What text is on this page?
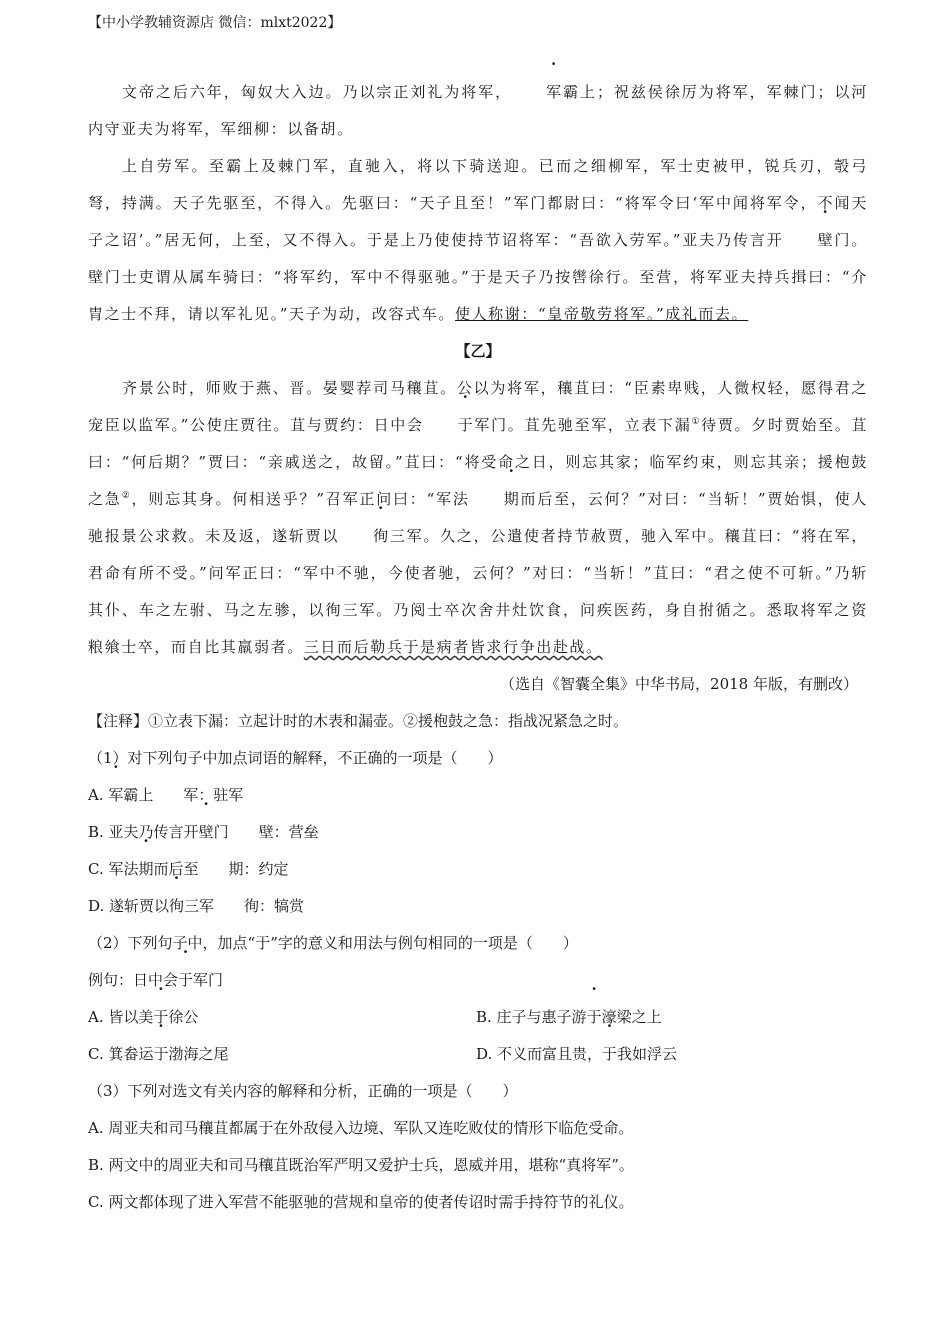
【中小学教辅资源店 微信：mlxt2022】

文帝之后六年，匈奴大入边。乃以宗正刘礼为将军， 军霸上；祝兹侯徐厉为将军，军棘门；以河内守亚夫为将军，军细柳：以备胡。

上自劳军。至霸上及棘门军，直驰入，将以下骑送迎。已而之细柳军，军士吏被甲，锐兵刃，彀弓弩，持满。天子先驱至，不得入。先驱曰：“天子且至！”军门都尉曰：“将军令曰‘军中闻将军令，不闻天子之诏’。”居无何，上至，又不得入。于是上乃使使持节诏将军：“吾欲入劳军。”亚夫乃传言开 壁门。壁门士吏谓从属车骑曰：“将军约，军中不得驱驰。”于是天子乃按辔徐行。至营，将军亚夫持兵揖曰：“介胄之士不拜，请以军礼见。”天子为动，改容式车。使人称谢：“皇帝敬劳将军。”成礼而去。

【乙】

齐景公时，师败于燕、晋。晏婴荐司马穰苴。公以为将军，穰苴曰：“臣素卑贱，人微权轻，愿得君之宠臣以监军。”公使庄贾往。苴与贾约：日中会 于军门。苴先驰至军，立表下漏①待贾。夕时贾始至。苴曰：“何后期？”贾曰：“亲戚送之，故留。”苴曰：“将受命之日，则忘其家；临军约束，则忘其亲；援枹鼓之急②，则忘其身。何相送乎？”召军正问曰：“军法 期而后至，云何？”对曰：“当斩！”贾始惧，使人驰报景公求救。未及返，遂斩贾以 徇三军。久之，公遣使者持节赦贾，驰入军中。穰苴曰：“将在军，君命有所不受。”问军正曰：“军中不驰，今使者驰，云何？”对曰：“当斩！”苴曰：“君之使不可斩。”乃斩其仆、车之左驸、马之左骖，以徇三军。乃阅士卒次舍井灶饮食，问疾医药，身自拊循之。悉取将军之资粮飨士卒，而自比其羸弱者。三日而后勒兵于是病者皆求行争出赴战。

（选自《智囊全集》中华书局，2018 年版，有删改）

【注释】①立表下漏：立起计时的木表和漏壶。②援枹鼓之急：指战况紧急之时。

（1）对下列句子中加点词语的解释，不正确的一项是（　　）

A. 军霸上　　军：驻军

B. 亚夫乃传言开壁门　　壁：营垒

C. 军法期而后至　　期：约定

D. 遂斩贾以徇三军　　徇：犒赏

（2）下列句子中，加点“于”字的意义和用法与例句相同的一项是（　　）

例句：日中会于军门

A. 皆以美于徐公	B. 庄子与惠子游于濠梁之上

C. 箕畚运于渤海之尾	D. 不义而富且贵，于我如浮云

（3）下列对选文有关内容的解释和分析，正确的一项是（　　）

A. 周亚夫和司马穰苴都属于在外敌侵入边境、军队又连吃败仗的情形下临危受命。

B. 两文中的周亚夫和司马穰苴既治军严明又爱护士兵，恩威并用，堪称“真将军”。

C. 两文都体现了进入军营不能驱驰的营规和皇帝的使者传诏时需手持符节的礼仪。
